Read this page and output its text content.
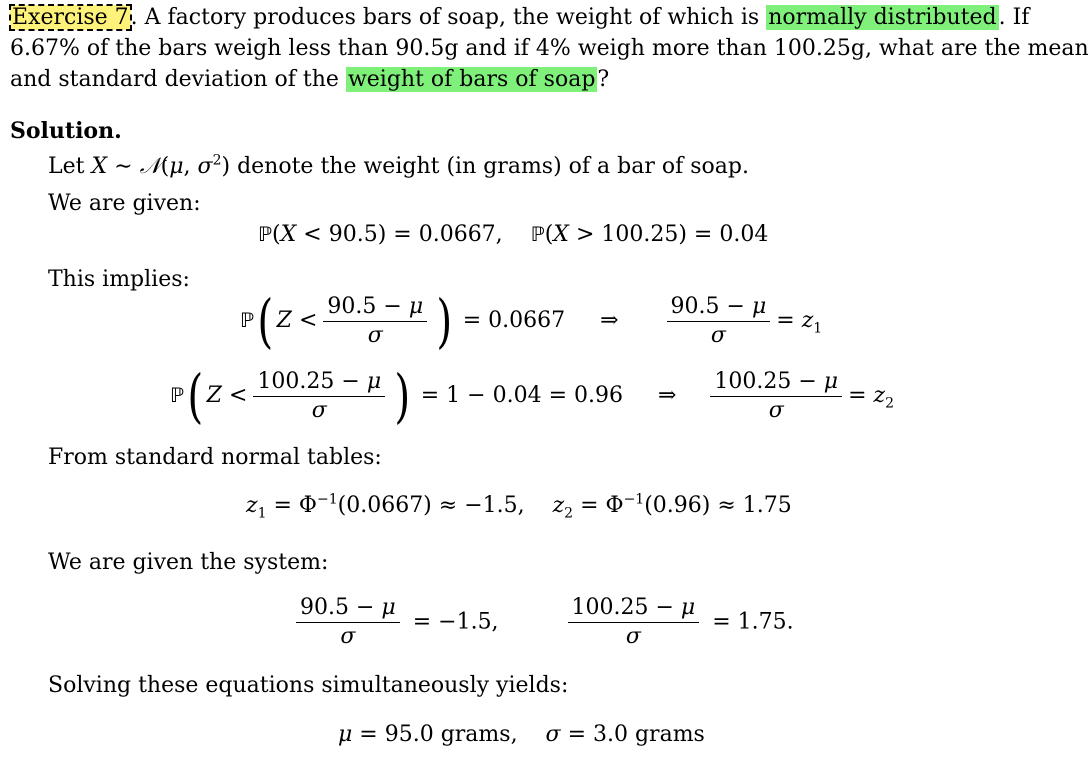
Exercise 7. A factory produces bars of soap, the weight of which is normally distributed. If
6.67% of the bars weigh less than 90.5g and if 4% weigh more than 100.25g, what are the mean
and standard deviation of the weight of bars of soap?
Solution.
Let X ∼ 𝒩(μ, $\sigma^2$) denote the weight (in grams) of a bar of soap.
We are given:
ℙ(X < 90.5) = 0.0667,    ℙ(X > 100.25) = 0.04
This implies:
ℙ( $Z < \frac{90.5 - \mu}{\sigma}$ ) = 0.0667     ⇒ $\frac{90.5 - \mu}{\sigma} = z_1$
ℙ( $Z < \frac{100.25 - \mu}{\sigma}$ ) = 1 − 0.04 = 0.96     ⇒ $\frac{100.25 - \mu}{\sigma} = z_2$
From standard normal tables:
$z_1 = \Phi^{-1}(0.0667) \approx -1.5$,    $z_2 = \Phi^{-1}(0.96) \approx 1.75$
We are given the system:
$\frac{90.5 - \mu}{\sigma} = -1.5$, $\frac{100.25 - \mu}{\sigma} = 1.75$.
Solving these equations simultaneously yields:
μ = 95.0 grams,    σ = 3.0 grams
